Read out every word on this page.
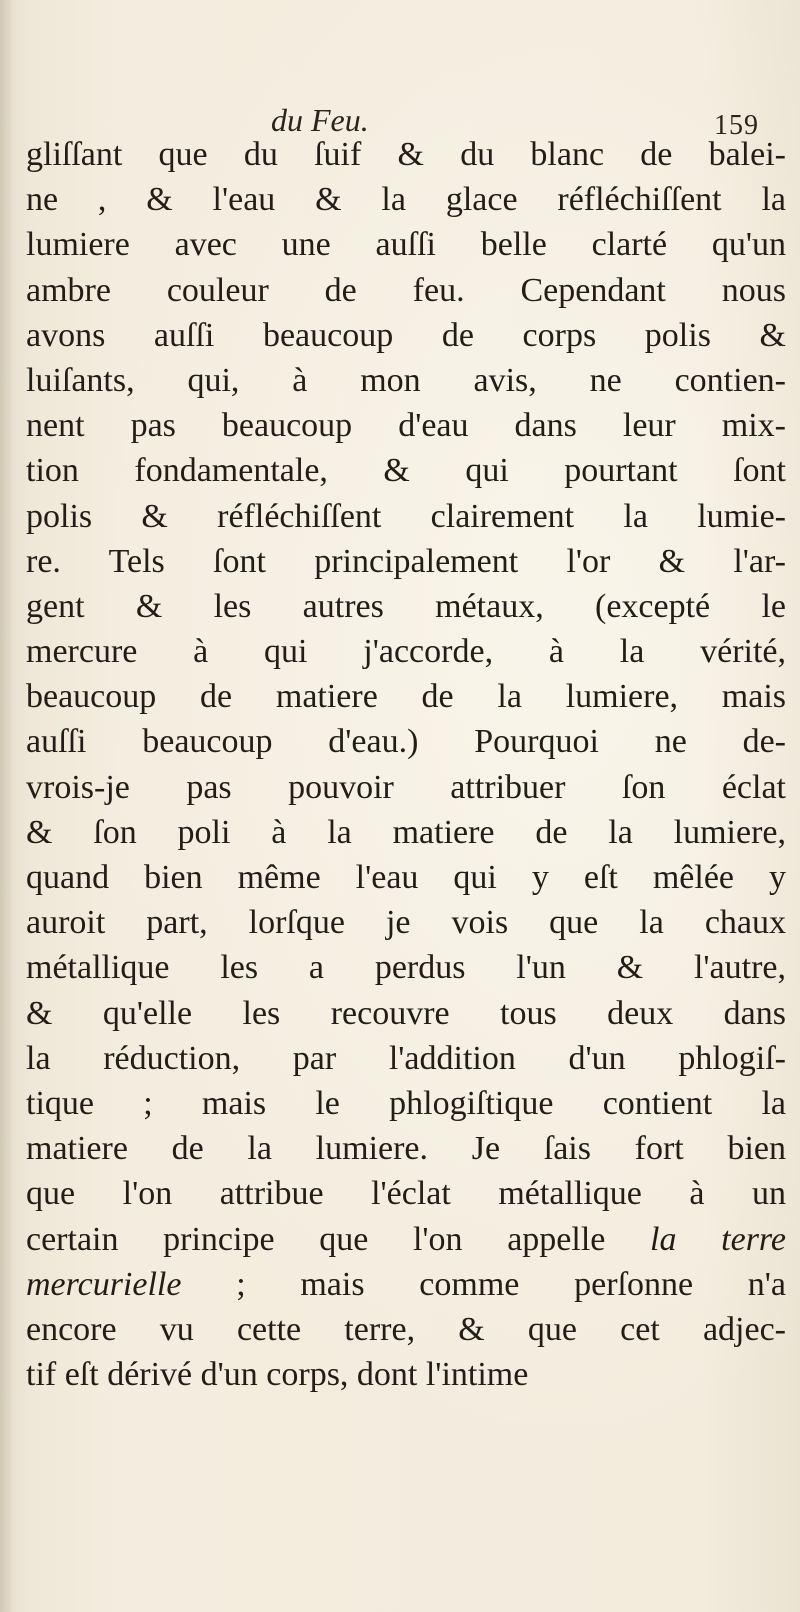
du Feu.	159
gliſſant que du ſuif & du blanc de balei-
ne , & l'eau & la glace réfléchiſſent la
lumiere avec une auſſi belle clarté qu'un
ambre couleur de feu. Cependant nous
avons auſſi beaucoup de corps polis &
luiſants, qui, à mon avis, ne contien-
nent pas beaucoup d'eau dans leur mix-
tion fondamentale, & qui pourtant ſont
polis & réfléchiſſent clairement la lumie-
re. Tels ſont principalement l'or & l'ar-
gent & les autres métaux, (excepté le
mercure à qui j'accorde, à la vérité,
beaucoup de matiere de la lumiere, mais
auſſi beaucoup d'eau.) Pourquoi ne de-
vrois-je pas pouvoir attribuer ſon éclat
& ſon poli à la matiere de la lumiere,
quand bien même l'eau qui y eſt mêlée y
auroit part, lorſque je vois que la chaux
métallique les a perdus l'un & l'autre,
& qu'elle les recouvre tous deux dans
la réduction, par l'addition d'un phlogiſ-
tique ; mais le phlogiſtique contient la
matiere de la lumiere. Je ſais fort bien
que l'on attribue l'éclat métallique à un
certain principe que l'on appelle la terre
mercurielle ; mais comme perſonne n'a
encore vu cette terre, & que cet adjec-
tif eſt dérivé d'un corps, dont l'intime
